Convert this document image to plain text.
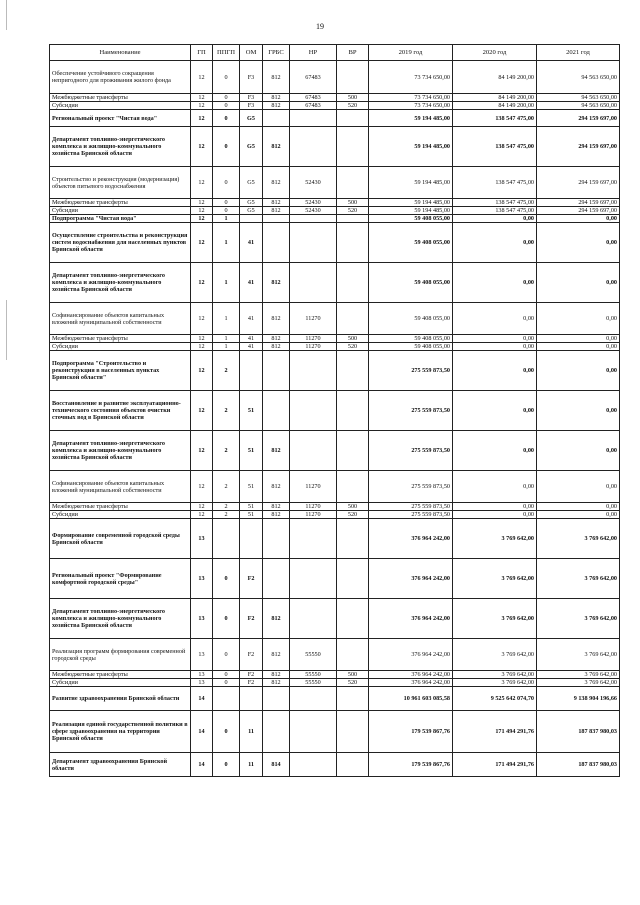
19
Наименование	ГП	ППГП	ОМ	ГРБС	НР	ВР	2019 год	2020 год	2021 год
Обеспечение устойчивого сокращения непригодного для проживания жилого фонда	12	0	F3	812	67483		73 734 650,00	84 149 200,00	94 563 650,00
Межбюджетные трансферты	12	0	F3	812	67483	500	73 734 650,00	84 149 200,00	94 563 650,00
Субсидии	12	0	F3	812	67483	520	73 734 650,00	84 149 200,00	94 563 650,00
Региональный проект "Чистая вода"	12	0	G5				59 194 485,00	138 547 475,00	294 159 697,00
Департамент топливно-энергетического комплекса и жилищно-коммунального хозяйства Брянской области	12	0	G5	812			59 194 485,00	138 547 475,00	294 159 697,00
Строительство и реконструкция (модернизация) объектов питьевого водоснабжения	12	0	G5	812	52430		59 194 485,00	138 547 475,00	294 159 697,00
Межбюджетные трансферты	12	0	G5	812	52430	500	59 194 485,00	138 547 475,00	294 159 697,00
Субсидии	12	0	G5	812	52430	520	59 194 485,00	138 547 475,00	294 159 697,00
Подпрограмма "Чистая вода"	12	1					59 408 055,00	0,00	0,00
Осуществление строительства и реконструкция систем водоснабжения для населенных пунктов Брянской области	12	1	41				59 408 055,00	0,00	0,00
Департамент топливно-энергетического комплекса и жилищно-коммунального хозяйства Брянской области	12	1	41	812			59 408 055,00	0,00	0,00
Софинансирование объектов капитальных вложений муниципальной собственности	12	1	41	812	11270		59 408 055,00	0,00	0,00
Межбюджетные трансферты	12	1	41	812	11270	500	59 408 055,00	0,00	0,00
Субсидии	12	1	41	812	11270	520	59 408 055,00	0,00	0,00
Подпрограмма "Строительство и реконструкция в населенных пунктах Брянской области"	12	2					275 559 873,50	0,00	0,00
Восстановление и развитие эксплуатационно-технического состояния объектов очистки сточных вод в Брянской области	12	2	51				275 559 873,50	0,00	0,00
Департамент топливно-энергетического комплекса и жилищно-коммунального хозяйства Брянской области	12	2	51	812			275 559 873,50	0,00	0,00
Софинансирование объектов капитальных вложений муниципальной собственности	12	2	51	812	11270		275 559 873,50	0,00	0,00
Межбюджетные трансферты	12	2	51	812	11270	500	275 559 873,50	0,00	0,00
Субсидии	12	2	51	812	11270	520	275 559 873,50	0,00	0,00
Формирование современной городской среды Брянской области	13						376 964 242,00	3 769 642,00	3 769 642,00
Региональный проект "Формирование комфортной городской среды"	13	0	F2				376 964 242,00	3 769 642,00	3 769 642,00
Департамент топливно-энергетического комплекса и жилищно-коммунального хозяйства Брянской области	13	0	F2	812			376 964 242,00	3 769 642,00	3 769 642,00
Реализация программ формирования современной городской среды	13	0	F2	812	55550		376 964 242,00	3 769 642,00	3 769 642,00
Межбюджетные трансферты	13	0	F2	812	55550	500	376 964 242,00	3 769 642,00	3 769 642,00
Субсидии	13	0	F2	812	55550	520	376 964 242,00	3 769 642,00	3 769 642,00
Развитие здравоохранения Брянской области	14						10 961 603 085,58	9 525 642 074,70	9 138 904 196,66
Реализация единой государственной политики в сфере здравоохранения на территории Брянской области	14	0	11				179 539 867,76	171 494 291,76	187 837 980,03
Департамент здравоохранения Брянской области	14	0	11	814			179 539 867,76	171 494 291,76	187 837 980,03
